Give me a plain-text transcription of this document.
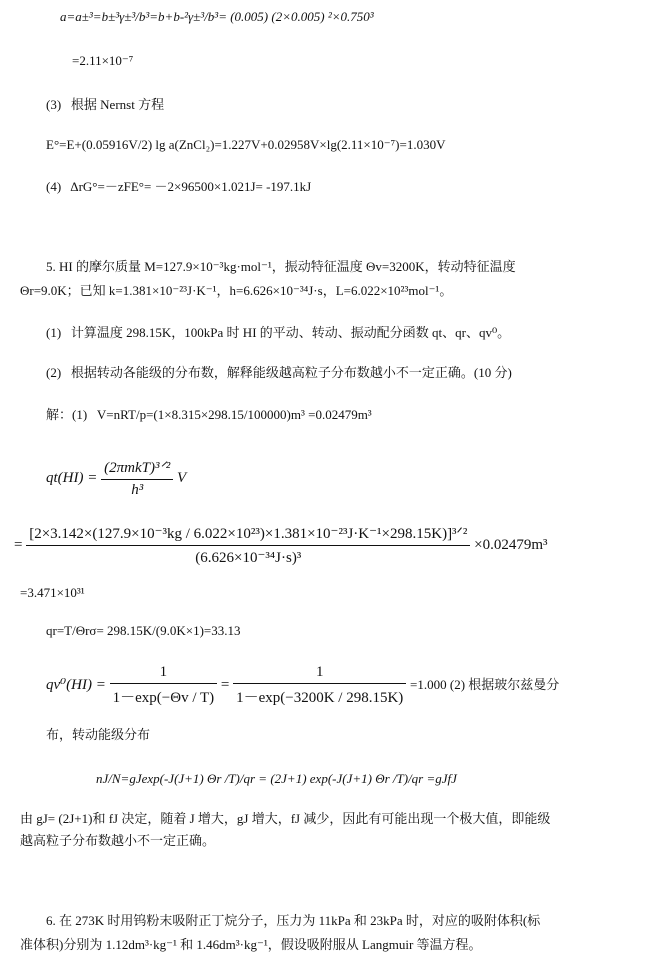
a=a±³=b±³γ±³/b³=b+b-²γ±³/b³= (0.005) (2×0.005) ²×0.750³
=2.11×10⁻⁷
(3) 根据 Nernst 方程
E°=E+(0.05916V/2) lg a(ZnCl₂)=1.227V+0.02958V×lg(2.11×10⁻⁷)=1.030V
(4) ΔrG°=－zFE°= －2×96500×1.021J= -197.1kJ
5. HI 的摩尔质量 M=127.9×10⁻³kg·mol⁻¹，振动特征温度 Θv=3200K，转动特征温度
Θr=9.0K；已知 k=1.381×10⁻²³J·K⁻¹，h=6.626×10⁻³⁴J·s，L=6.022×10²³mol⁻¹。
(1) 计算温度 298.15K，100kPa 时 HI 的平动、转动、振动配分函数 qt、qr、qv⁰。
(2) 根据转动各能级的分布数，解释能级越高粒子分布数越小不一定正确。(10 分)
解：(1) V=nRT/p=(1×8.315×298.15/100000)m³ =0.02479m³
$qt(HI) = \frac{\text{(2πmkT)³ᐟ²}}{\text{h³}}$ V
=
[2×3.142×(127.9×10⁻³kg / 6.022×10²³)×1.381×10⁻²³J·K⁻¹×298.15K)]³ᐟ²
(6.626×10⁻³⁴J·s)³
×0.02479m³
=3.471×10³¹
qr=T/Θrσ= 298.15K/(9.0K×1)=33.13
$qv^0(HI) = \frac{1}{1-\exp(-\Theta v / T)} = \frac{1}{1-\exp(-3200K / 298.15K)} =1.000$ (2) 根据玻尔兹曼分
布，转动能级分布
nJ/N=gJexp(-J(J+1) Θr /T)/qr = (2J+1) exp(-J(J+1) Θr /T)/qr =gJfJ
由 gJ= (2J+1)和 fJ 决定，随着 J 增大，gJ 增大，fJ 减少，因此有可能出现一个极大值，即能级
越高粒子分布数越小不一定正确。
6. 在 273K 时用钨粉末吸附正丁烷分子，压力为 11kPa 和 23kPa 时，对应的吸附体积(标
准体积)分别为 1.12dm³·kg⁻¹ 和 1.46dm³·kg⁻¹，假设吸附服从 Langmuir 等温方程。
